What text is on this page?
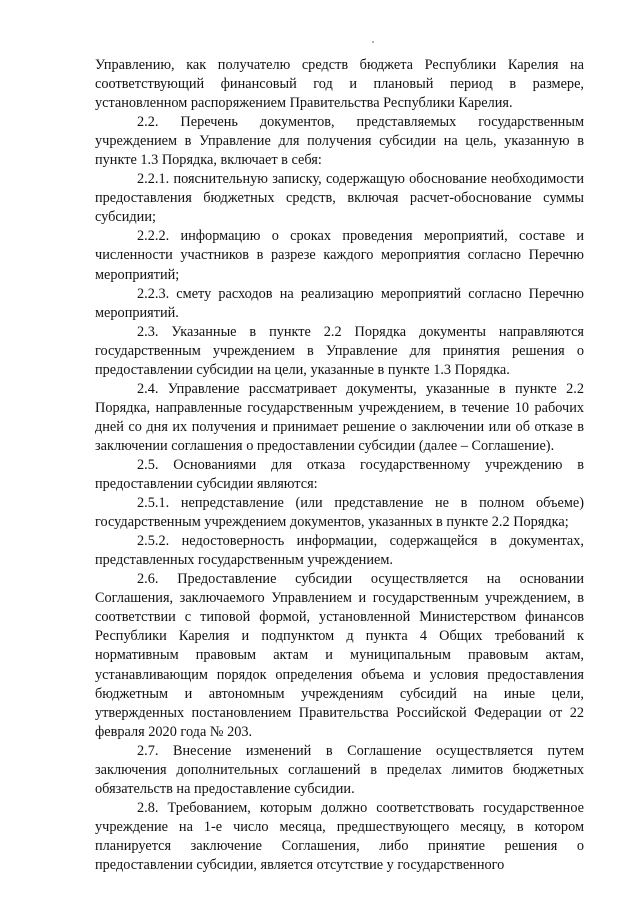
Управлению, как получателю средств бюджета Республики Карелия на соответствующий финансовый год и плановый период в размере, установленном распоряжением Правительства Республики Карелия.

2.2. Перечень документов, представляемых государственным учреждением в Управление для получения субсидии на цель, указанную в пункте 1.3 Порядка, включает в себя:

2.2.1. пояснительную записку, содержащую обоснование необходимости предоставления бюджетных средств, включая расчет-обоснование суммы субсидии;

2.2.2. информацию о сроках проведения мероприятий, составе и численности участников в разрезе каждого мероприятия согласно Перечню мероприятий;

2.2.3. смету расходов на реализацию мероприятий согласно Перечню мероприятий.

2.3. Указанные в пункте 2.2 Порядка документы направляются государственным учреждением в Управление для принятия решения о предоставлении субсидии на цели, указанные в пункте 1.3 Порядка.

2.4. Управление рассматривает документы, указанные в пункте 2.2 Порядка, направленные государственным учреждением, в течение 10 рабочих дней со дня их получения и принимает решение о заключении или об отказе в заключении соглашения о предоставлении субсидии (далее – Соглашение).

2.5. Основаниями для отказа государственному учреждению в предоставлении субсидии являются:

2.5.1. непредставление (или представление не в полном объеме) государственным учреждением документов, указанных в пункте 2.2 Порядка;

2.5.2. недостоверность информации, содержащейся в документах, представленных государственным учреждением.

2.6. Предоставление субсидии осуществляется на основании Соглашения, заключаемого Управлением и государственным учреждением, в соответствии с типовой формой, установленной Министерством финансов Республики Карелия и подпунктом д пункта 4 Общих требований к нормативным правовым актам и муниципальным правовым актам, устанавливающим порядок определения объема и условия предоставления бюджетным и автономным учреждениям субсидий на иные цели, утвержденных постановлением Правительства Российской Федерации от 22 февраля 2020 года № 203.

2.7. Внесение изменений в Соглашение осуществляется путем заключения дополнительных соглашений в пределах лимитов бюджетных обязательств на предоставление субсидии.

2.8. Требованием, которым должно соответствовать государственное учреждение на 1-е число месяца, предшествующего месяцу, в котором планируется заключение Соглашения, либо принятие решения о предоставлении субсидии, является отсутствие у государственного
